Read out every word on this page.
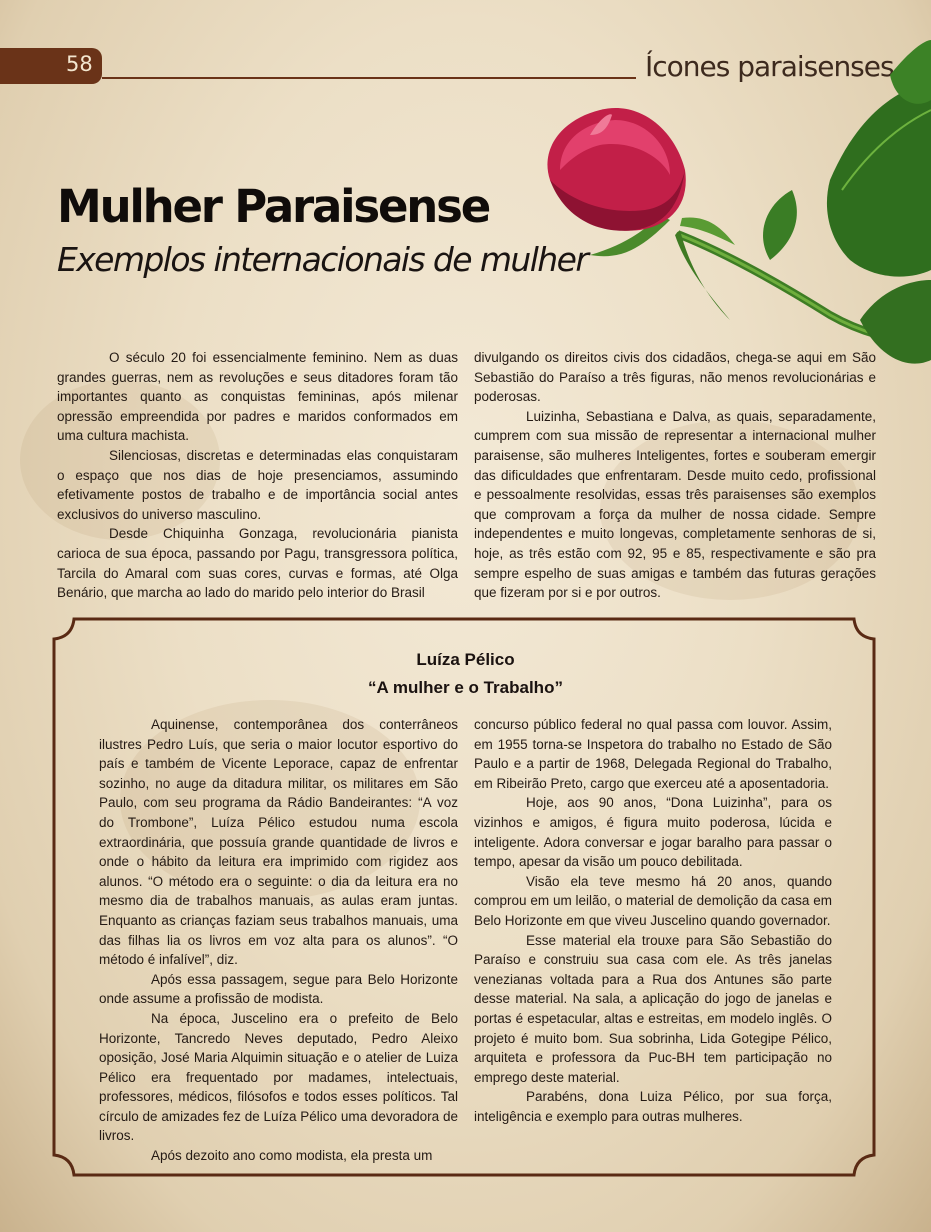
58	Ícones paraisenses
Mulher Paraisense
Exemplos internacionais de mulher

O século 20 foi essencialmente feminino. Nem as duas grandes guerras, nem as revoluções e seus ditadores foram tão importantes quanto as conquistas femininas, após milenar opressão empreendida por padres e maridos conformados em uma cultura machista.

Silenciosas, discretas e determinadas elas conquistaram o espaço que nos dias de hoje presenciamos, assumindo efetivamente postos de trabalho e de importância social antes exclusivos do universo masculino.

Desde Chiquinha Gonzaga, revolucionária pianista carioca de sua época, passando por Pagu, transgressora política, Tarcila do Amaral com suas cores, curvas e formas, até Olga Benário, que marcha ao lado do marido pelo interior do Brasil

divulgando os direitos civis dos cidadãos, chega-se aqui em São Sebastião do Paraíso a três figuras, não menos revolucionárias e poderosas.

Luizinha, Sebastiana e Dalva, as quais, separadamente, cumprem com sua missão de representar a internacional mulher paraisense, são mulheres Inteligentes, fortes e souberam emergir das dificuldades que enfrentaram. Desde muito cedo, profissional e pessoalmente resolvidas, essas três paraisenses são exemplos que comprovam a força da mulher de nossa cidade. Sempre independentes e muito longevas, completamente senhoras de si, hoje, as três estão com 92, 95 e 85, respectivamente e são pra sempre espelho de suas amigas e também das futuras gerações que fizeram por si e por outros.

Luíza Pélico
“A mulher e o Trabalho”

Aquinense, contemporânea dos conterrâneos ilustres Pedro Luís, que seria o maior locutor esportivo do país e também de Vicente Leporace, capaz de enfrentar sozinho, no auge da ditadura militar, os militares em São Paulo, com seu programa da Rádio Bandeirantes: “A voz do Trombone”, Luíza Pélico estudou numa escola extraordinária, que possuía grande quantidade de livros e onde o hábito da leitura era imprimido com rigidez aos alunos. “O método era o seguinte: o dia da leitura era no mesmo dia de trabalhos manuais, as aulas eram juntas. Enquanto as crianças faziam seus trabalhos manuais, uma das filhas lia os livros em voz alta para os alunos”. “O método é infalível”, diz.

Após essa passagem, segue para Belo Horizonte onde assume a profissão de modista.

Na época, Juscelino era o prefeito de Belo Horizonte, Tancredo Neves deputado, Pedro Aleixo oposição, José Maria Alquimin situação e o atelier de Luiza Pélico era frequentado por madames, intelectuais, professores, médicos, filósofos e todos esses políticos. Tal círculo de amizades fez de Luíza Pélico uma devoradora de livros.

Após dezoito ano como modista, ela presta um

concurso público federal no qual passa com louvor. Assim, em 1955 torna-se Inspetora do trabalho no Estado de São Paulo e a partir de 1968, Delegada Regional do Trabalho, em Ribeirão Preto, cargo que exerceu até a aposentadoria.

Hoje, aos 90 anos, “Dona Luizinha”, para os vizinhos e amigos, é figura muito poderosa, lúcida e inteligente. Adora conversar e jogar baralho para passar o tempo, apesar da visão um pouco debilitada.

Visão ela teve mesmo há 20 anos, quando comprou em um leilão, o material de demolição da casa em Belo Horizonte em que viveu Juscelino quando governador.

Esse material ela trouxe para São Sebastião do Paraíso e construiu sua casa com ele. As três janelas venezianas voltada para a Rua dos Antunes são parte desse material. Na sala, a aplicação do jogo de janelas e portas é espetacular, altas e estreitas, em modelo inglês. O projeto é muito bom. Sua sobrinha, Lida Gotegipe Pélico, arquiteta e professora da Puc-BH tem participação no emprego deste material.

Parabéns, dona Luiza Pélico, por sua força, inteligência e exemplo para outras mulheres.
